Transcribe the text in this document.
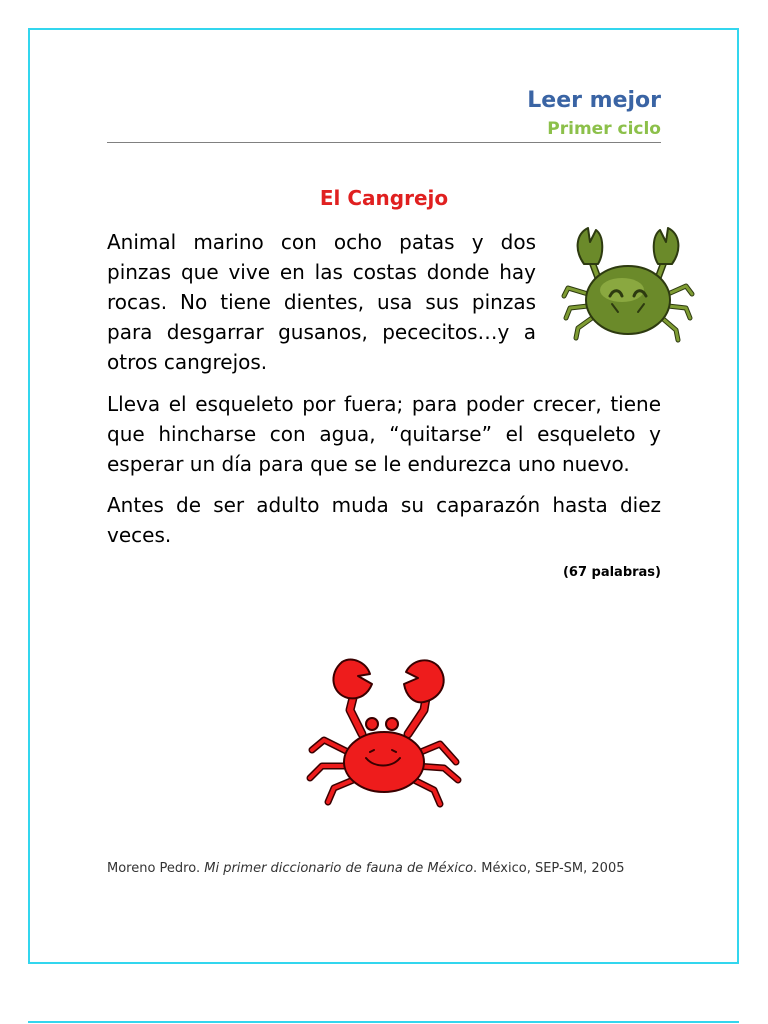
Leer mejor
Primer ciclo
El Cangrejo

Animal marino con ocho patas y dos pinzas que vive en las costas donde hay rocas. No tiene dientes, usa sus pinzas para desgarrar gusanos, pececitos…y a otros cangrejos.

Lleva el esqueleto por fuera; para poder crecer, tiene que hincharse con agua, “quitarse” el esqueleto y esperar un día para que se le endurezca uno nuevo.

Antes de ser adulto muda su caparazón hasta diez veces.

(67 palabras)
Moreno Pedro. Mi primer diccionario de fauna de México. México, SEP-SM, 2005
